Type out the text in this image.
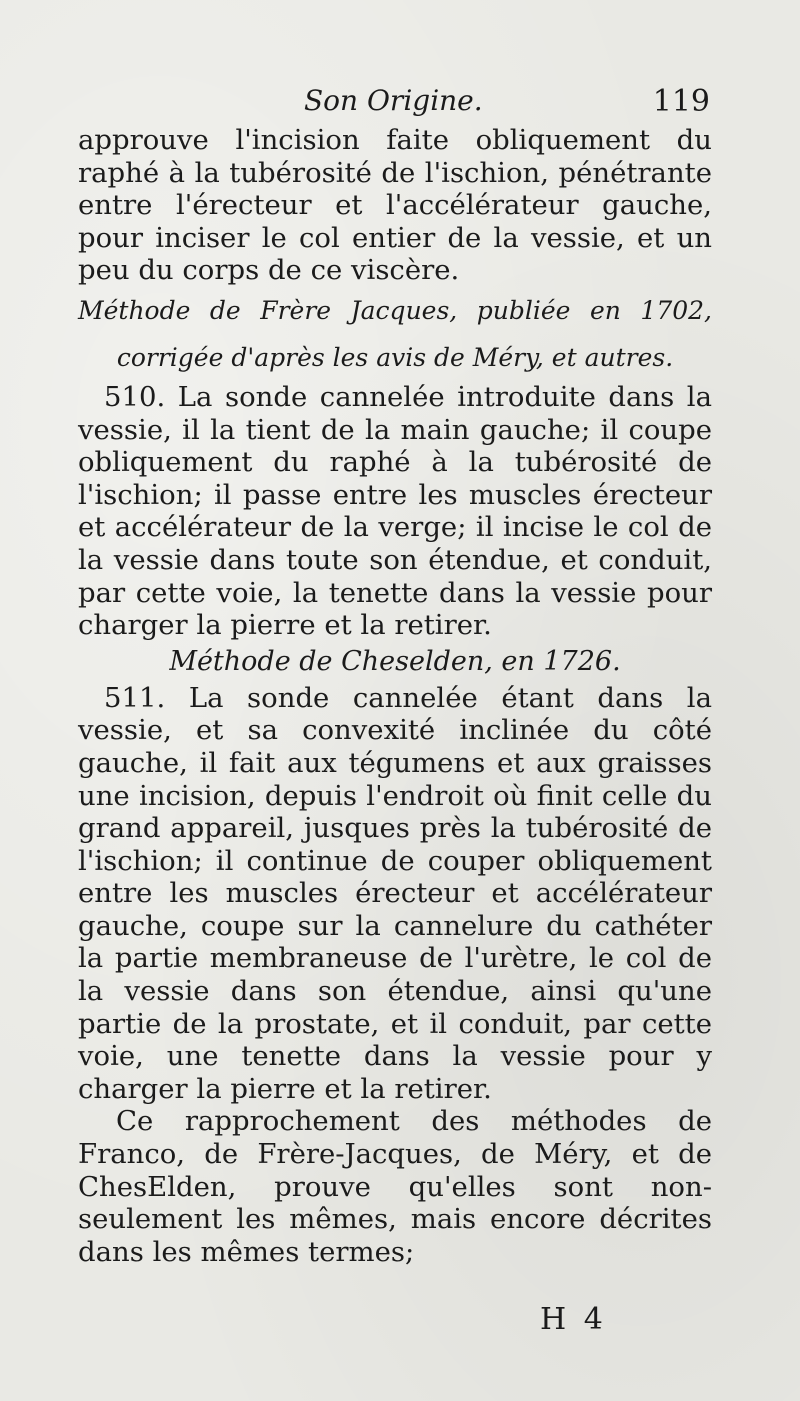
Son Origine.	119

approuve l'incision faite obliquement du raphé à la tubérosité de l'ischion, pénétrante entre l'érecteur et l'accélérateur gauche, pour inciser le col entier de la vessie, et un peu du corps de ce viscère.

Méthode de Frère Jacques, publiée en 1702, corrigée d'après les avis de Méry, et autres.

510. La sonde cannelée introduite dans la vessie, il la tient de la main gauche; il coupe obliquement du raphé à la tubérosité de l'ischion; il passe entre les muscles érecteur et accélérateur de la verge; il incise le col de la vessie dans toute son étendue, et conduit, par cette voie, la tenette dans la vessie pour charger la pierre et la retirer.

Méthode de Cheselden, en 1726.

511. La sonde cannelée étant dans la vessie, et sa convexité inclinée du côté gauche, il fait aux tégumens et aux graisses une incision, depuis l'endroit où finit celle du grand appareil, jusques près la tubérosité de l'ischion; il continue de couper obliquement entre les muscles érecteur et accélérateur gauche, coupe sur la cannelure du cathéter la partie membraneuse de l'urètre, le col de la vessie dans son étendue, ainsi qu'une partie de la prostate, et il conduit, par cette voie, une tenette dans la vessie pour y charger la pierre et la retirer.

Ce rapprochement des méthodes de Franco, de Frère-Jacques, de Méry, et de ChesElden, prouve qu'elles sont non-seulement les mêmes, mais encore décrites dans les mêmes termes;

H 4
